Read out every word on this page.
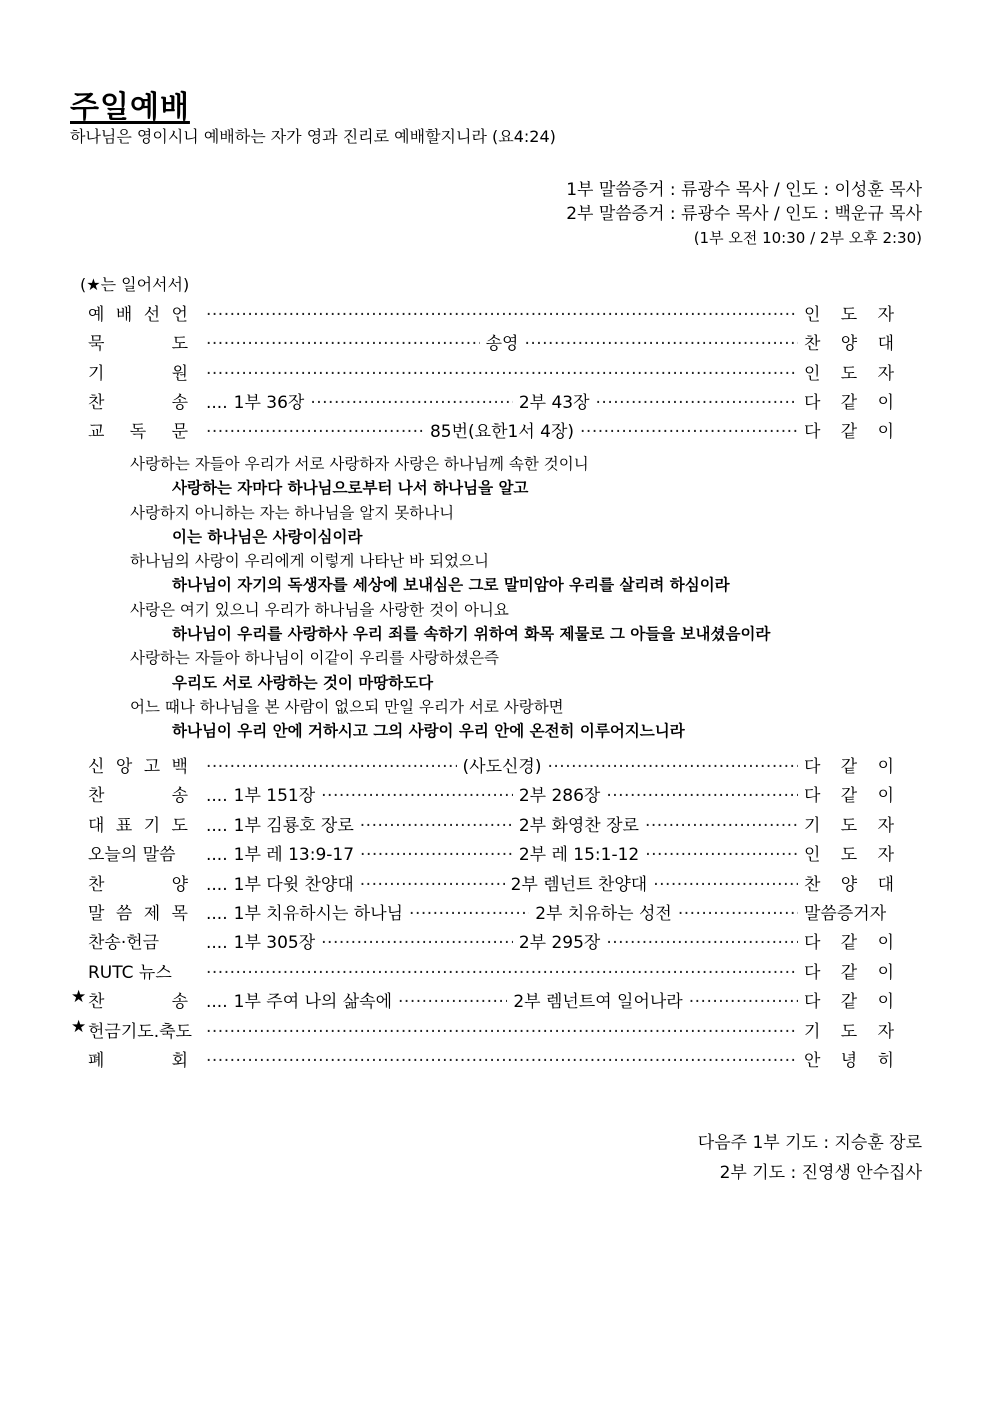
주일예배
하나님은 영이시니 예배하는 자가 영과 진리로 예배할지니라 (요4:24)
1부 말씀증거 : 류광수 목사 / 인도 : 이성훈 목사
2부 말씀증거 : 류광수 목사 / 인도 : 백운규 목사
(1부 오전 10:30 / 2부 오후 2:30)
(★는 일어서서)
예 배 선 언 ·····	인 도 자
묵	도 ·····	송영 ·····	찬 양 대
기	원 ·····	인 도 자
찬	송 .... 1부 36장 ·····	2부 43장 ·····	다 같 이
교 독 문 ·····	85번(요한1서 4장) ·····	다 같 이
사랑하는 자들아 우리가 서로 사랑하자 사랑은 하나님께 속한 것이니
사랑하는 자마다 하나님으로부터 나서 하나님을 알고
사랑하지 아니하는 자는 하나님을 알지 못하나니
이는 하나님은 사랑이심이라
하나님의 사랑이 우리에게 이렇게 나타난 바 되었으니
하나님이 자기의 독생자를 세상에 보내심은 그로 말미암아 우리를 살리려 하심이라
사랑은 여기 있으니 우리가 하나님을 사랑한 것이 아니요
하나님이 우리를 사랑하사 우리 죄를 속하기 위하여 화목 제물로 그 아들을 보내셨음이라
사랑하는 자들아 하나님이 이같이 우리를 사랑하셨은즉
우리도 서로 사랑하는 것이 마땅하도다
어느 때나 하나님을 본 사람이 없으되 만일 우리가 서로 사랑하면
하나님이 우리 안에 거하시고 그의 사랑이 우리 안에 온전히 이루어지느니라
신 앙 고 백 ·····	(사도신경) ·····	다 같 이
찬	송 .... 1부 151장 ·····	2부 286장 ·····	다 같 이
대 표 기 도 .... 1부 김룡호 장로 ·····	2부 화영찬 장로 ·····	기 도 자
오늘의 말씀 .... 1부 레 13:9-17 ·····	2부 레 15:1-12 ·····	인 도 자
찬	양 .... 1부 다윗 찬양대 ·····	2부 렘넌트 찬양대 ·····	찬 양 대
말 씀 제 목 .... 1부 치유하시는 하나님 ·····	2부 치유하는 성전 ·····	말씀증거자
찬송·헌금	.... 1부 305장 ·····	2부 295장 ·····	다 같 이
RUTC 뉴스 ·····	다 같 이
★ 찬	송 .... 1부 주여 나의 삶속에 ·····	2부 렘넌트여 일어나라 ·····	다 같 이
★ 헌금기도.축도 ·····	기 도 자
폐	회 ·····	안 녕 히
다음주 1부 기도 : 지승훈 장로
2부 기도 : 진영생 안수집사
